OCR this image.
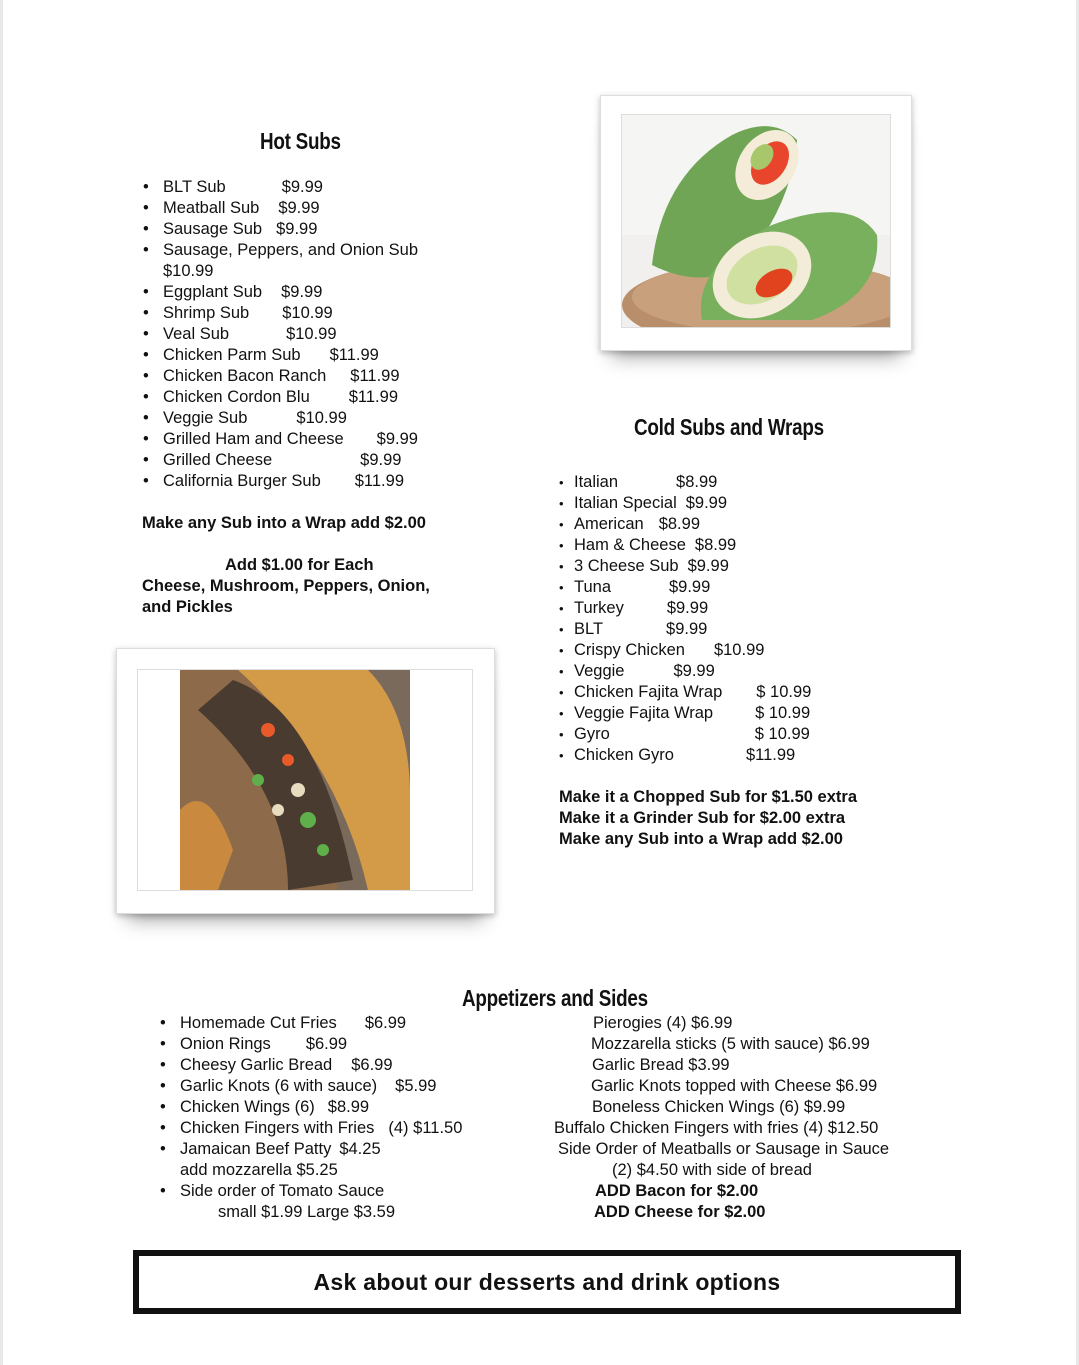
Hot Subs
• BLT Sub	$9.99
• Meatball Sub $9.99
• Sausage Sub $9.99
• Sausage, Peppers, and Onion Sub
$10.99
• Eggplant Sub $9.99
• Shrimp Sub $10.99
• Veal Sub	$10.99
• Chicken Parm Sub $11.99
• Chicken Bacon Ranch $11.99
• Chicken Cordon Blu $11.99
• Veggie Sub	$10.99
• Grilled Ham and Cheese $9.99
• Grilled Cheese	$9.99
• California Burger Sub $11.99
Make any Sub into a Wrap add $2.00
Add $1.00 for Each
Cheese, Mushroom, Peppers, Onion,
and Pickles
Cold Subs and Wraps
• Italian	$8.99
• Italian Special $9.99
• American $8.99
• Ham & Cheese $8.99
• 3 Cheese Sub $9.99
• Tuna	$9.99
• Turkey	$9.99
• BLT	$9.99
• Crispy Chicken $10.99
• Veggie	$9.99
• Chicken Fajita Wrap $ 10.99
• Veggie Fajita Wrap	$ 10.99
• Gyro	$ 10.99
• Chicken Gyro	$11.99
Make it a Chopped Sub for $1.50 extra
Make it a Grinder Sub for $2.00 extra
Make any Sub into a Wrap add $2.00
Appetizers and Sides
• Homemade Cut Fries $6.99
• Onion Rings $6.99
• Cheesy Garlic Bread $6.99
• Garlic Knots (6 with sauce) $5.99
• Chicken Wings (6) $8.99
• Chicken Fingers with Fries (4) $11.50
• Jamaican Beef Patty $4.25
add mozzarella $5.25
• Side order of Tomato Sauce
small $1.99 Large $3.59
Pierogies (4) $6.99
Mozzarella sticks (5 with sauce) $6.99
Garlic Bread $3.99
Garlic Knots topped with Cheese $6.99
Boneless Chicken Wings (6) $9.99
Buffalo Chicken Fingers with fries (4) $12.50
Side Order of Meatballs or Sausage in Sauce
(2) $4.50 with side of bread
ADD Bacon for $2.00
ADD Cheese for $2.00
Ask about our desserts and drink options
